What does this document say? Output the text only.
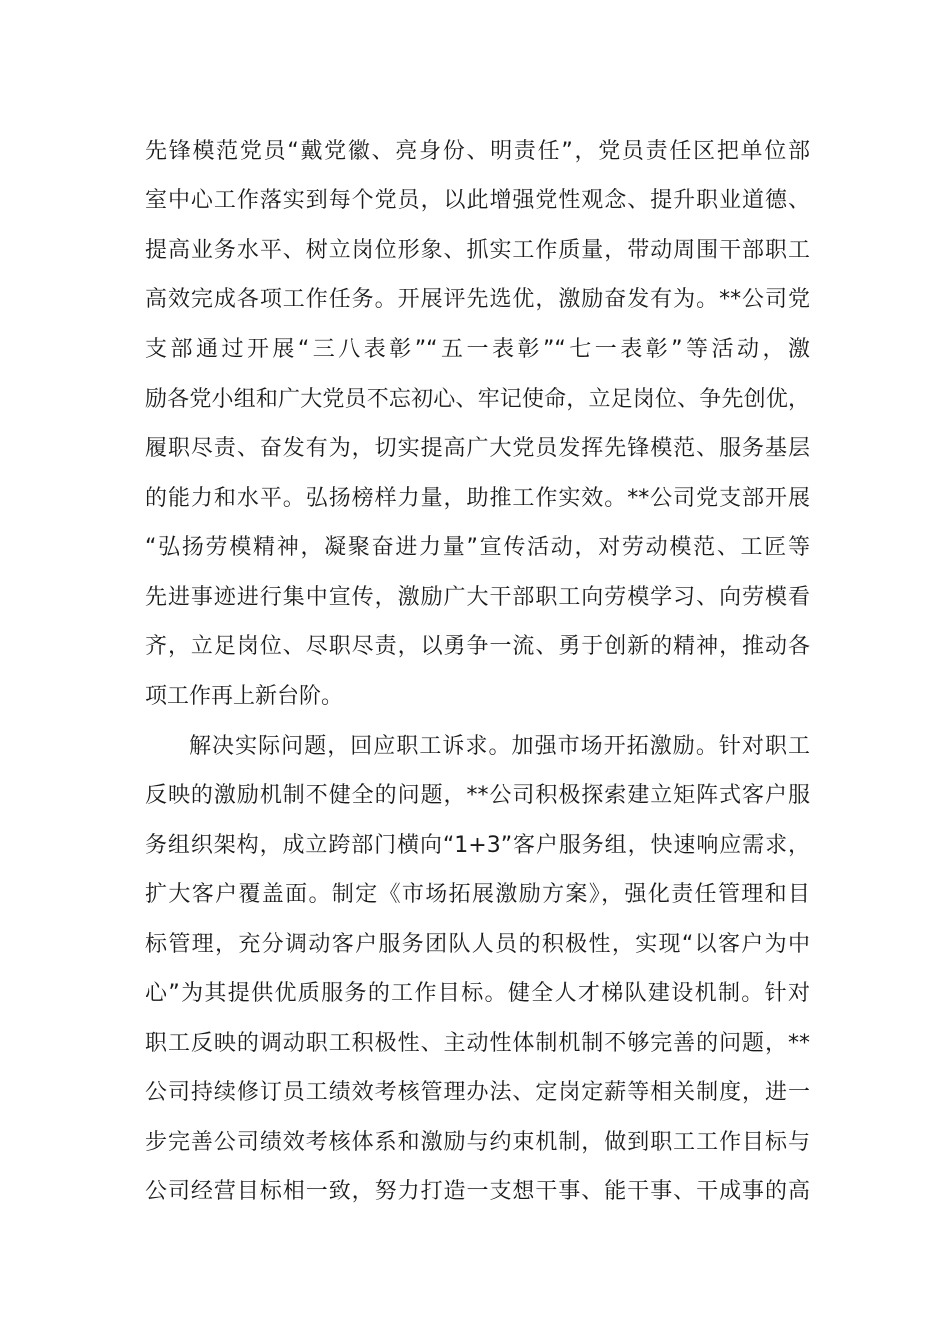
先锋模范党员“戴党徽、亮身份、明责任”，党员责任区把单位部
室中心工作落实到每个党员，以此增强党性观念、提升职业道德、
提高业务水平、树立岗位形象、抓实工作质量，带动周围干部职工
高效完成各项工作任务。开展评先选优，激励奋发有为。**公司党
支部通过开展“三八表彰”“五一表彰”“七一表彰”等活动，激
励各党小组和广大党员不忘初心、牢记使命，立足岗位、争先创优，
履职尽责、奋发有为，切实提高广大党员发挥先锋模范、服务基层
的能力和水平。弘扬榜样力量，助推工作实效。**公司党支部开展
“弘扬劳模精神，凝聚奋进力量”宣传活动，对劳动模范、工匠等
先进事迹进行集中宣传，激励广大干部职工向劳模学习、向劳模看
齐，立足岗位、尽职尽责，以勇争一流、勇于创新的精神，推动各
项工作再上新台阶。
解决实际问题，回应职工诉求。加强市场开拓激励。针对职工
反映的激励机制不健全的问题，**公司积极探索建立矩阵式客户服
务组织架构，成立跨部门横向“1+3”客户服务组，快速响应需求，
扩大客户覆盖面。制定《市场拓展激励方案》，强化责任管理和目
标管理，充分调动客户服务团队人员的积极性，实现“以客户为中
心”为其提供优质服务的工作目标。健全人才梯队建设机制。针对
职工反映的调动职工积极性、主动性体制机制不够完善的问题，**
公司持续修订员工绩效考核管理办法、定岗定薪等相关制度，进一
步完善公司绩效考核体系和激励与约束机制，做到职工工作目标与
公司经营目标相一致，努力打造一支想干事、能干事、干成事的高
